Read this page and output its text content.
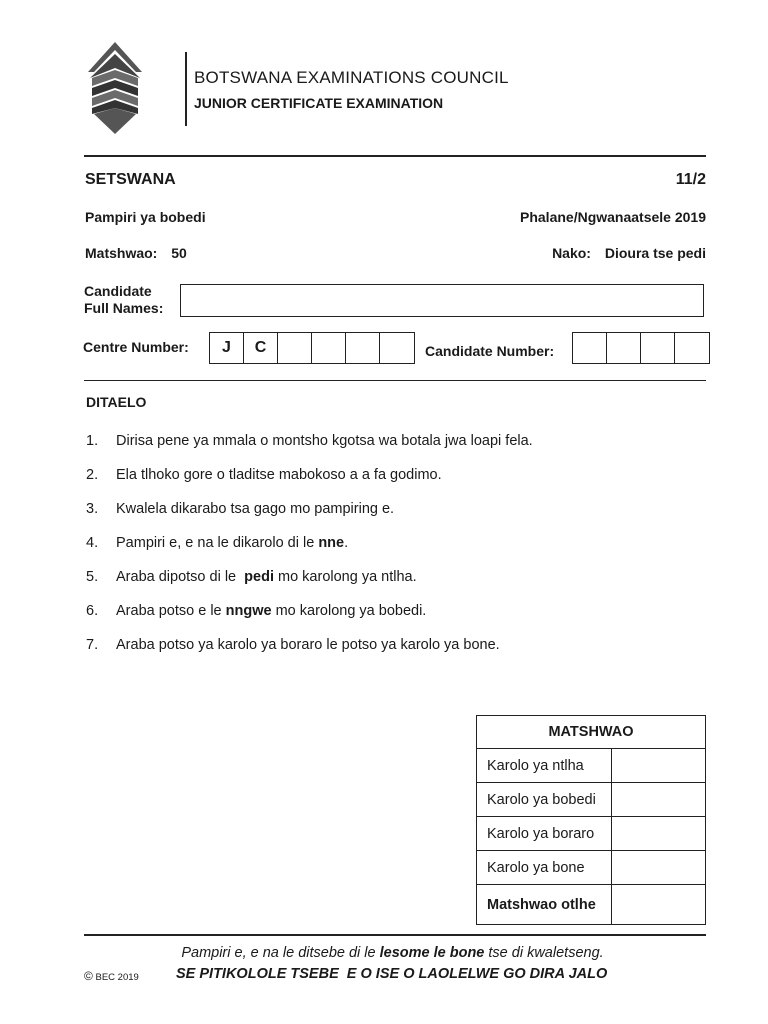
BOTSWANA EXAMINATIONS COUNCIL
JUNIOR CERTIFICATE EXAMINATION
SETSWANA	11/2
Pampiri ya bobedi	Phalane/Ngwanaatsele 2019
Matshwao: 50	Nako: Dioura tse pedi
Candidate
Full Names:
Centre Number:	J	C	Candidate Number:
DITAELO
1. Dirisa pene ya mmala o montsho kgotsa wa botala jwa loapi fela.
2. Ela tlhoko gore o tladitse mabokoso a a fa godimo.
3. Kwalela dikarabo tsa gago mo pampiring e.
4. Pampiri e, e na le dikarolo di le nne.
5. Araba dipotso di le  pedi mo karolong ya ntlha.
6. Araba potso e le nngwe mo karolong ya bobedi.
7. Araba potso ya karolo ya boraro le potso ya karolo ya bone.
MATSHWAO	
Karolo ya ntlha	
Karolo ya bobedi	
Karolo ya boraro	
Karolo ya bone	
Matshwao otlhe	
Pampiri e, e na le ditsebe di le lesome le bone tse di kwaletseng.
© BEC 2019	SE PITIKOLOLE TSEBE  E O ISE O LAOLELWE GO DIRA JALO
